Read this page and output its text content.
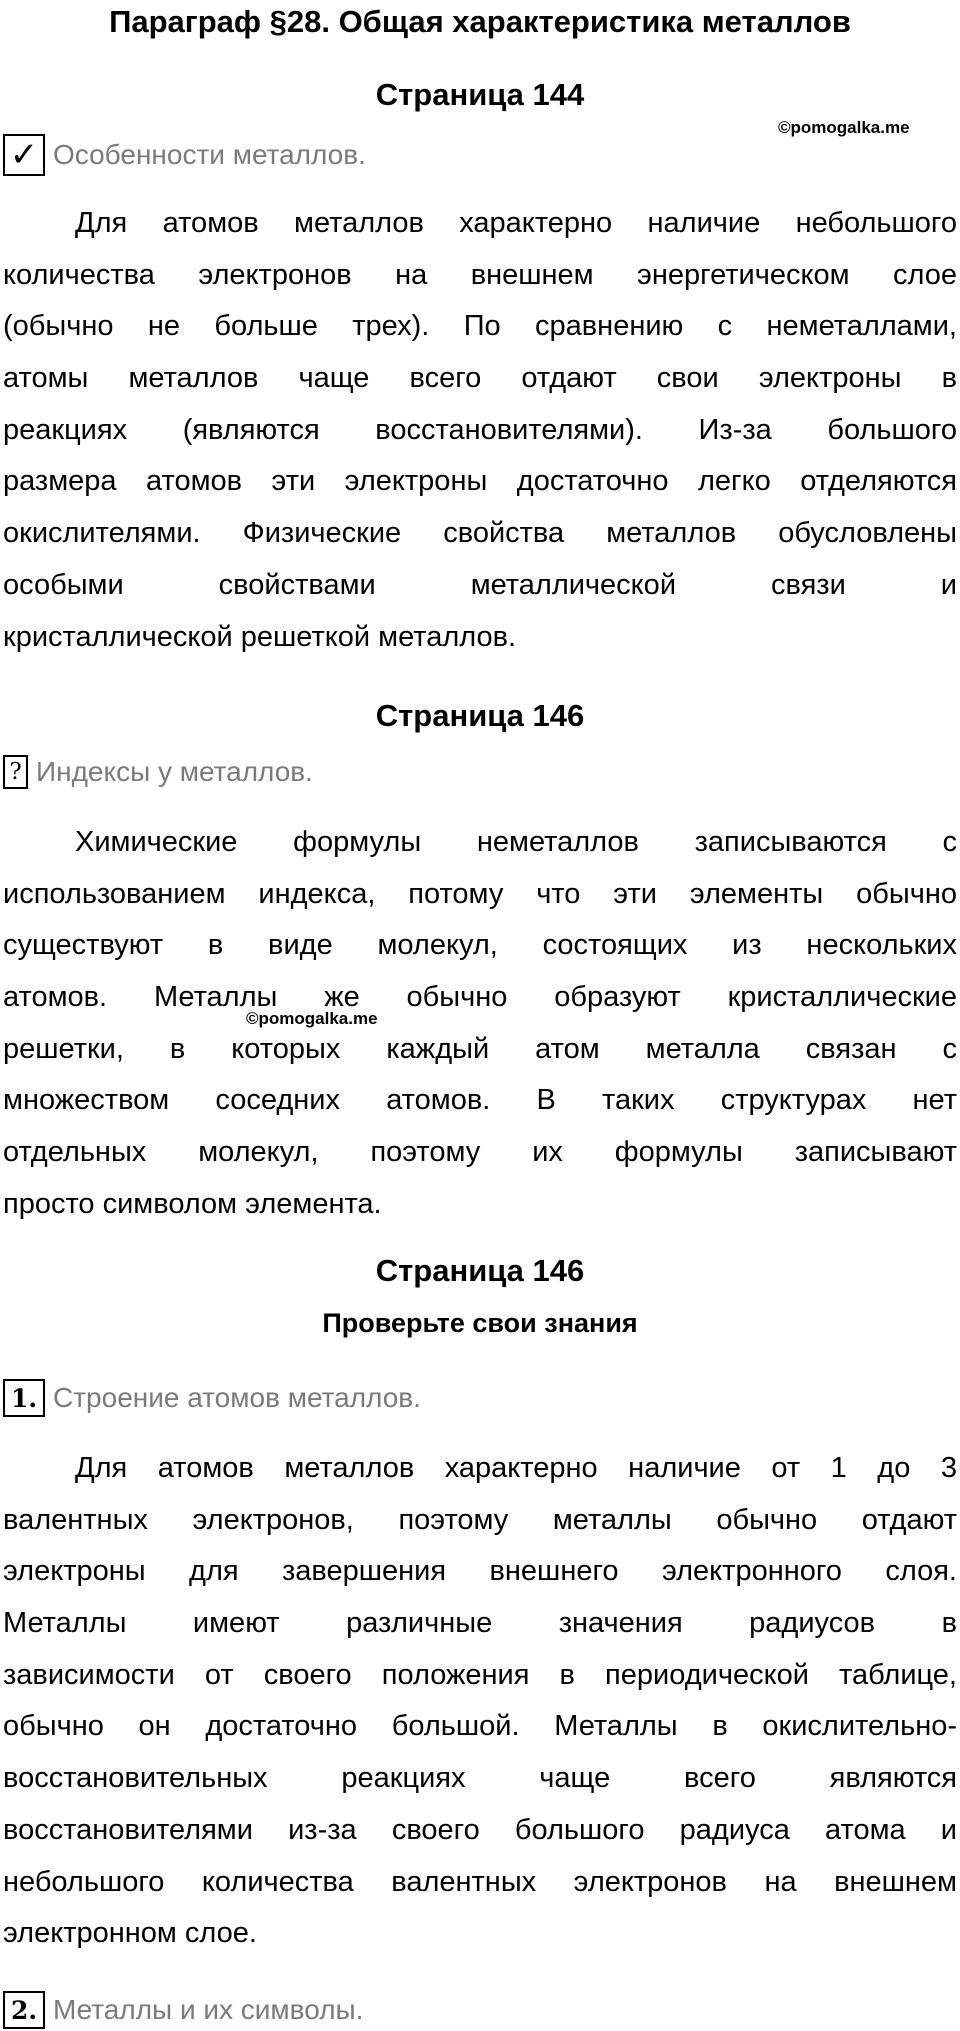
Параграф §28. Общая характеристика металлов
Страница 144
©pomogalka.me
✓ Особенности металлов.
Для атомов металлов характерно наличие небольшого
количества электронов на внешнем энергетическом слое
(обычно не больше трех). По сравнению с неметаллами,
атомы металлов чаще всего отдают свои электроны в
реакциях (являются восстановителями). Из-за большого
размера атомов эти электроны достаточно легко отделяются
окислителями. Физические свойства металлов обусловлены
особыми свойствами металлической связи и
кристаллической решеткой металлов.
Страница 146
? Индексы у металлов.
Химические формулы неметаллов записываются с
использованием индекса, потому что эти элементы обычно
существуют в виде молекул, состоящих из нескольких
атомов. Металлы же обычно образуют кристаллические
решетки, в которых каждый атом металла связан с
множеством соседних атомов. В таких структурах нет
отдельных молекул, поэтому их формулы записывают
просто символом элемента.
©pomogalka.me
Страница 146
Проверьте свои знания
1. Строение атомов металлов.
Для атомов металлов характерно наличие от 1 до 3
валентных электронов, поэтому металлы обычно отдают
электроны для завершения внешнего электронного слоя.
Металлы имеют различные значения радиусов в
зависимости от своего положения в периодической таблице,
обычно он достаточно большой. Металлы в окислительно-
восстановительных реакциях чаще всего являются
восстановителями из-за своего большого радиуса атома и
небольшого количества валентных электронов на внешнем
электронном слое.
2. Металлы и их символы.
